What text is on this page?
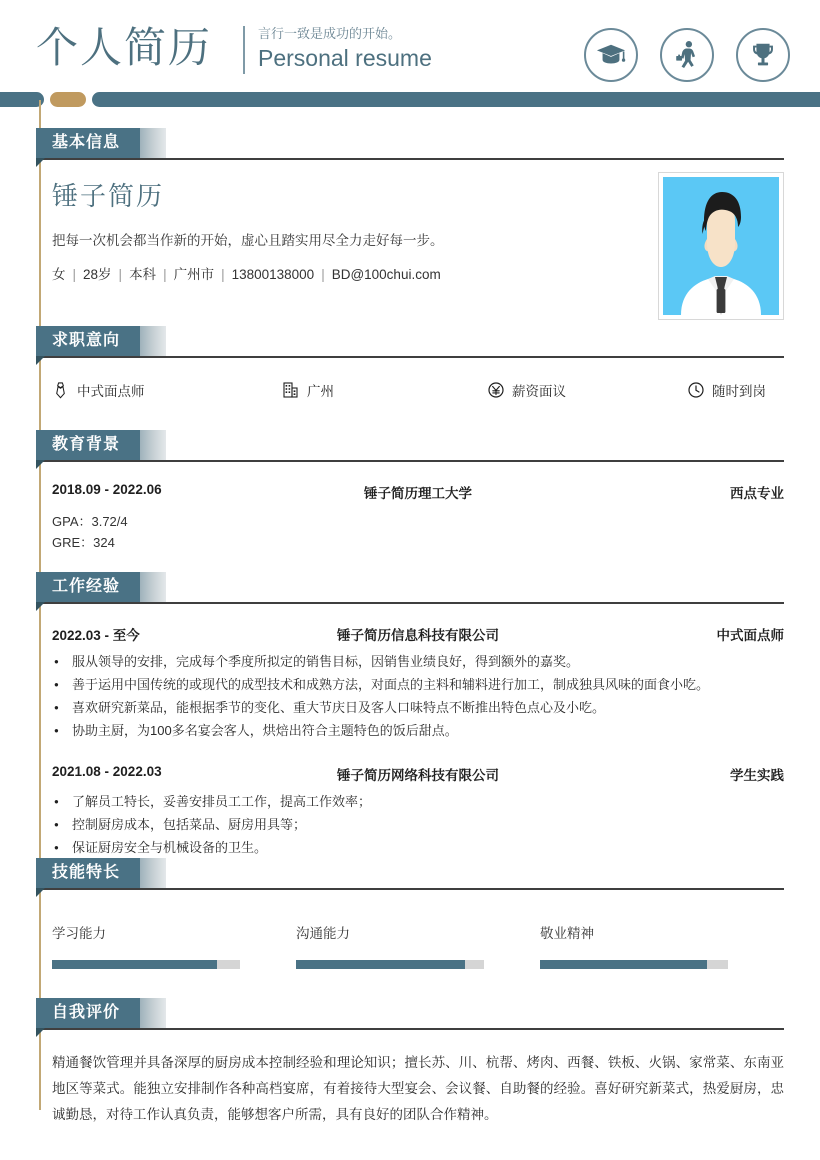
个人简历	言行一致是成功的开始。
Personal resume
基本信息
锤子简历
把每一次机会都当作新的开始，虚心且踏实用尽全力走好每一步。
女 | 28岁 | 本科 | 广州市 | 13800138000 | BD@100chui.com
求职意向
中式面点师	广州	薪资面议	随时到岗
教育背景
2018.09 - 2022.06	锤子简历理工大学	西点专业
GPA：3.72/4
GRE：324
工作经验
2022.03 - 至今	锤子简历信息科技有限公司	中式面点师
● 服从领导的安排，完成每个季度所拟定的销售目标，因销售业绩良好，得到额外的嘉奖。
● 善于运用中国传统的或现代的成型技术和成熟方法，对面点的主料和辅料进行加工，制成独具风味的面食小吃。
● 喜欢研究新菜品，能根据季节的变化、重大节庆日及客人口味特点不断推出特色点心及小吃。
● 协助主厨，为100多名宴会客人，烘焙出符合主题特色的饭后甜点。
2021.08 - 2022.03	锤子简历网络科技有限公司	学生实践
● 了解员工特长，妥善安排员工工作，提高工作效率；
● 控制厨房成本，包括菜品、厨房用具等；
● 保证厨房安全与机械设备的卫生。
技能特长
学习能力	沟通能力	敬业精神
自我评价
精通餐饮管理并具备深厚的厨房成本控制经验和理论知识；擅长苏、川、杭帮、烤肉、西餐、铁板、火锅、家常菜、东南亚地区等菜式。能独立安排制作各种高档宴席，有着接待大型宴会、会议餐、自助餐的经验。喜好研究新菜式，热爱厨房，忠诚勤恳，对待工作认真负责，能够想客户所需，具有良好的团队合作精神。
